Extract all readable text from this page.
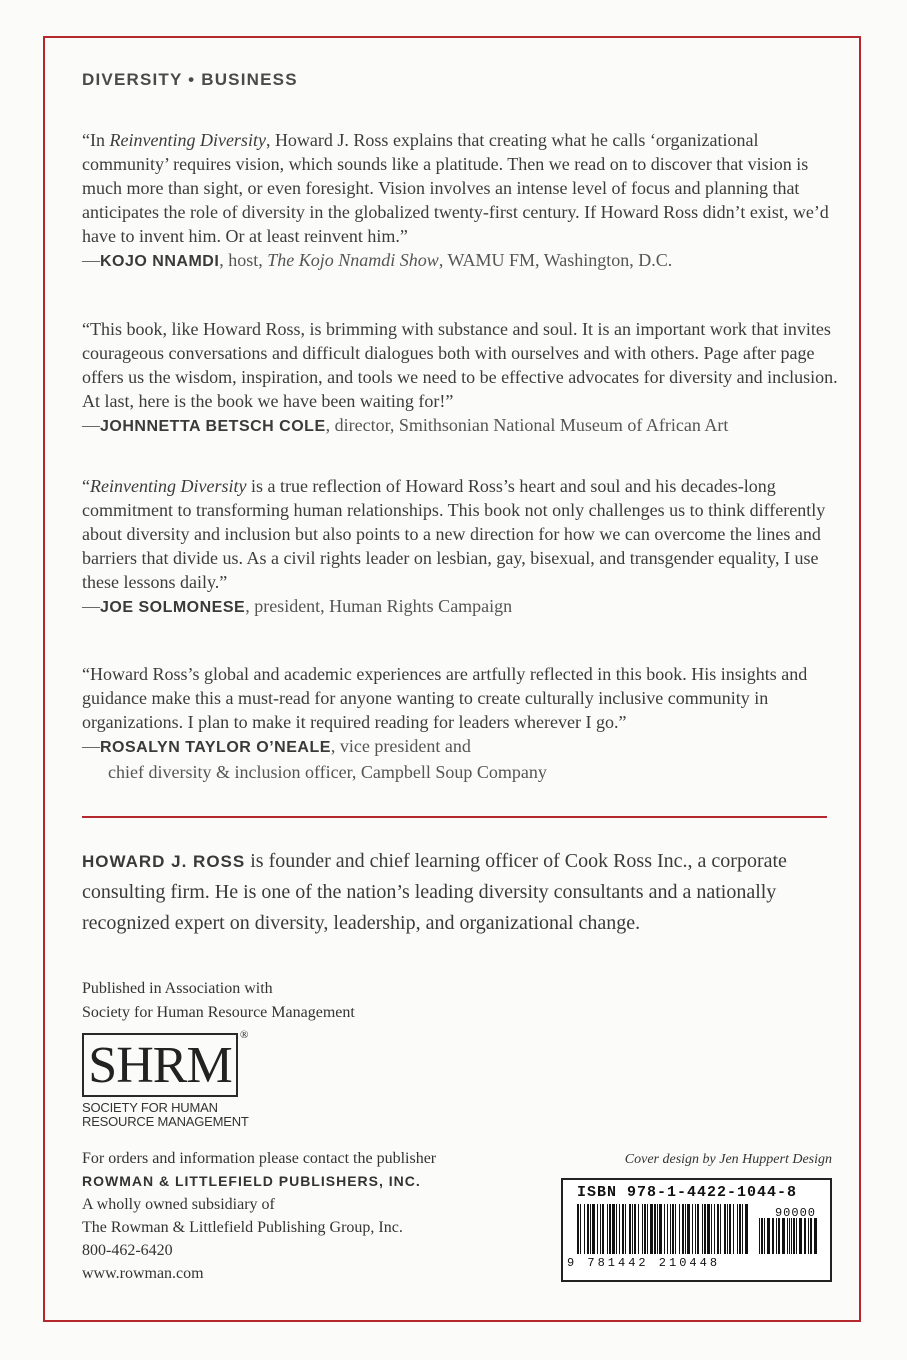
DIVERSITY • BUSINESS

“In Reinventing Diversity, Howard J. Ross explains that creating what he calls ‘organizational community’ requires vision, which sounds like a platitude. Then we read on to discover that vision is much more than sight, or even foresight. Vision involves an intense level of focus and planning that anticipates the role of diversity in the globalized twenty-first century. If Howard Ross didn’t exist, we’d have to invent him. Or at least reinvent him.”

—KOJO NNAMDI, host, The Kojo Nnamdi Show, WAMU FM, Washington, D.C.

“This book, like Howard Ross, is brimming with substance and soul. It is an important work that invites courageous conversations and difficult dialogues both with ourselves and with others. Page after page offers us the wisdom, inspiration, and tools we need to be effective advocates for diversity and inclusion. At last, here is the book we have been waiting for!”

—JOHNNETTA BETSCH COLE, director, Smithsonian National Museum of African Art

“Reinventing Diversity is a true reflection of Howard Ross’s heart and soul and his decades-long commitment to transforming human relationships. This book not only challenges us to think differently about diversity and inclusion but also points to a new direction for how we can overcome the lines and barriers that divide us. As a civil rights leader on lesbian, gay, bisexual, and transgender equality, I use these lessons daily.”

—JOE SOLMONESE, president, Human Rights Campaign

“Howard Ross’s global and academic experiences are artfully reflected in this book. His insights and guidance make this a must-read for anyone wanting to create culturally inclusive community in organizations. I plan to make it required reading for leaders wherever I go.”

—ROSALYN TAYLOR O’NEALE, vice president and
chief diversity & inclusion officer, Campbell Soup Company

HOWARD J. ROSS is founder and chief learning officer of Cook Ross Inc., a corporate consulting firm. He is one of the nation’s leading diversity consultants and a nationally recognized expert on diversity, leadership, and organizational change.
Published in Association with
Society for Human Resource Management
SHRM
®
SOCIETY FOR HUMAN
RESOURCE MANAGEMENT
For orders and information please contact the publisher
ROWMAN & LITTLEFIELD PUBLISHERS, INC.
A wholly owned subsidiary of
The Rowman & Littlefield Publishing Group, Inc.
800-462-6420
www.rowman.com
Cover design by Jen Huppert Design
ISBN 978-1-4422-1044-8
90000
9 781442 210448
